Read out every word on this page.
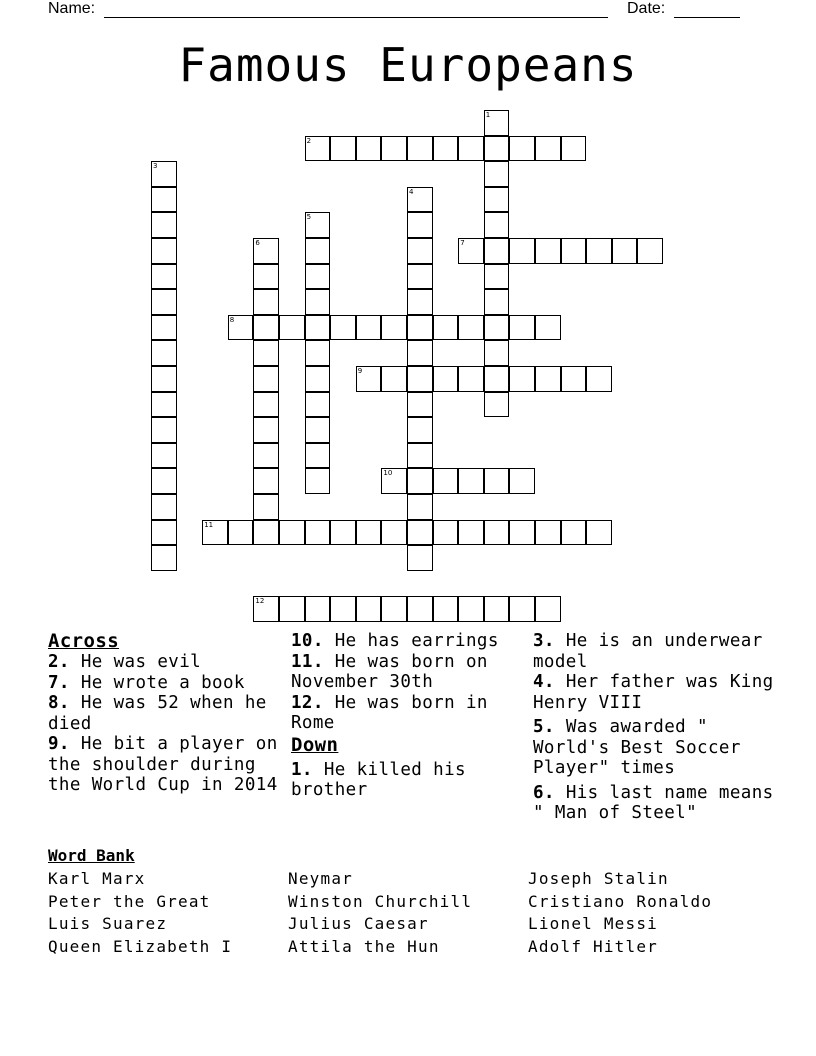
Name:	Date:
Famous Europeans
1
2
3
4
5
6	7
8
9
10
11
12
Across
2. He was evil
7. He wrote a book
8. He was 52 when he died
9. He bit a player on the shoulder during the World Cup in 2014
10. He has earrings
11. He was born on November 30th
12. He was born in Rome
Down
1. He killed his brother
3. He is an underwear model
4. Her father was King Henry VIII
5. Was awarded " World's Best Soccer Player" times
6. His last name means " Man of Steel"
Word Bank
Karl Marx	Neymar	Joseph Stalin
Peter the Great	Winston Churchill	Cristiano Ronaldo
Luis Suarez	Julius Caesar	Lionel Messi
Queen Elizabeth I	Attila the Hun	Adolf Hitler
